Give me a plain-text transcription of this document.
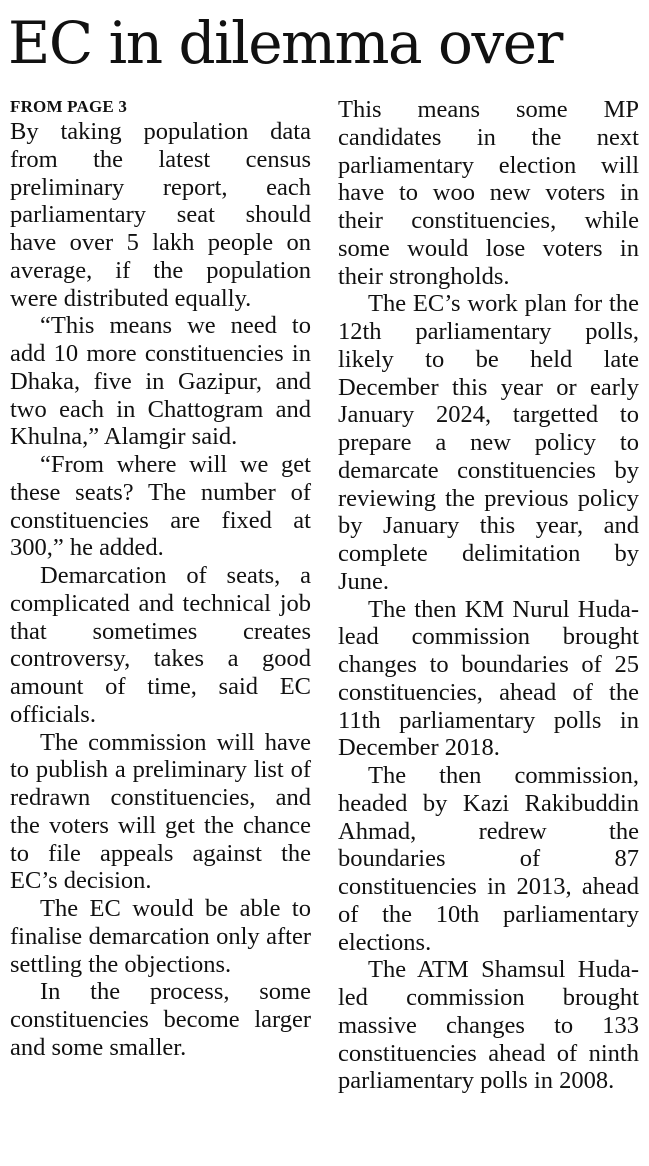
EC in dilemma over
FROM PAGE 3

By taking population data from the latest census preliminary report, each parliamentary seat should have over 5 lakh people on average, if the population were distributed equally.

“This means we need to add 10 more constituencies in Dhaka, five in Gazipur, and two each in Chattogram and Khulna,” Alamgir said.

“From where will we get these seats? The number of constituencies are fixed at 300,” he added.

Demarcation of seats, a complicated and technical job that sometimes creates controversy, takes a good amount of time, said EC officials.

The commission will have to publish a preliminary list of redrawn constituencies, and the voters will get the chance to file appeals against the EC’s decision.

The EC would be able to finalise demarcation only after settling the objections.

In the process, some constituencies become larger and some smaller.

This means some MP candidates in the next parliamentary election will have to woo new voters in their constituencies, while some would lose voters in their strongholds.

The EC’s work plan for the 12th parliamentary polls, likely to be held late December this year or early January 2024, targetted to prepare a new policy to demarcate constituencies by reviewing the previous policy by January this year, and complete delimitation by June.

The then KM Nurul Huda-lead commission brought changes to boundaries of 25 constituencies, ahead of the 11th parliamentary polls in December 2018.

The then commission, headed by Kazi Rakibuddin Ahmad, redrew the boundaries of 87 constituencies in 2013, ahead of the 10th parliamentary elections.

The ATM Shamsul Huda-led commission brought massive changes to 133 constituencies ahead of ninth parliamentary polls in 2008.
